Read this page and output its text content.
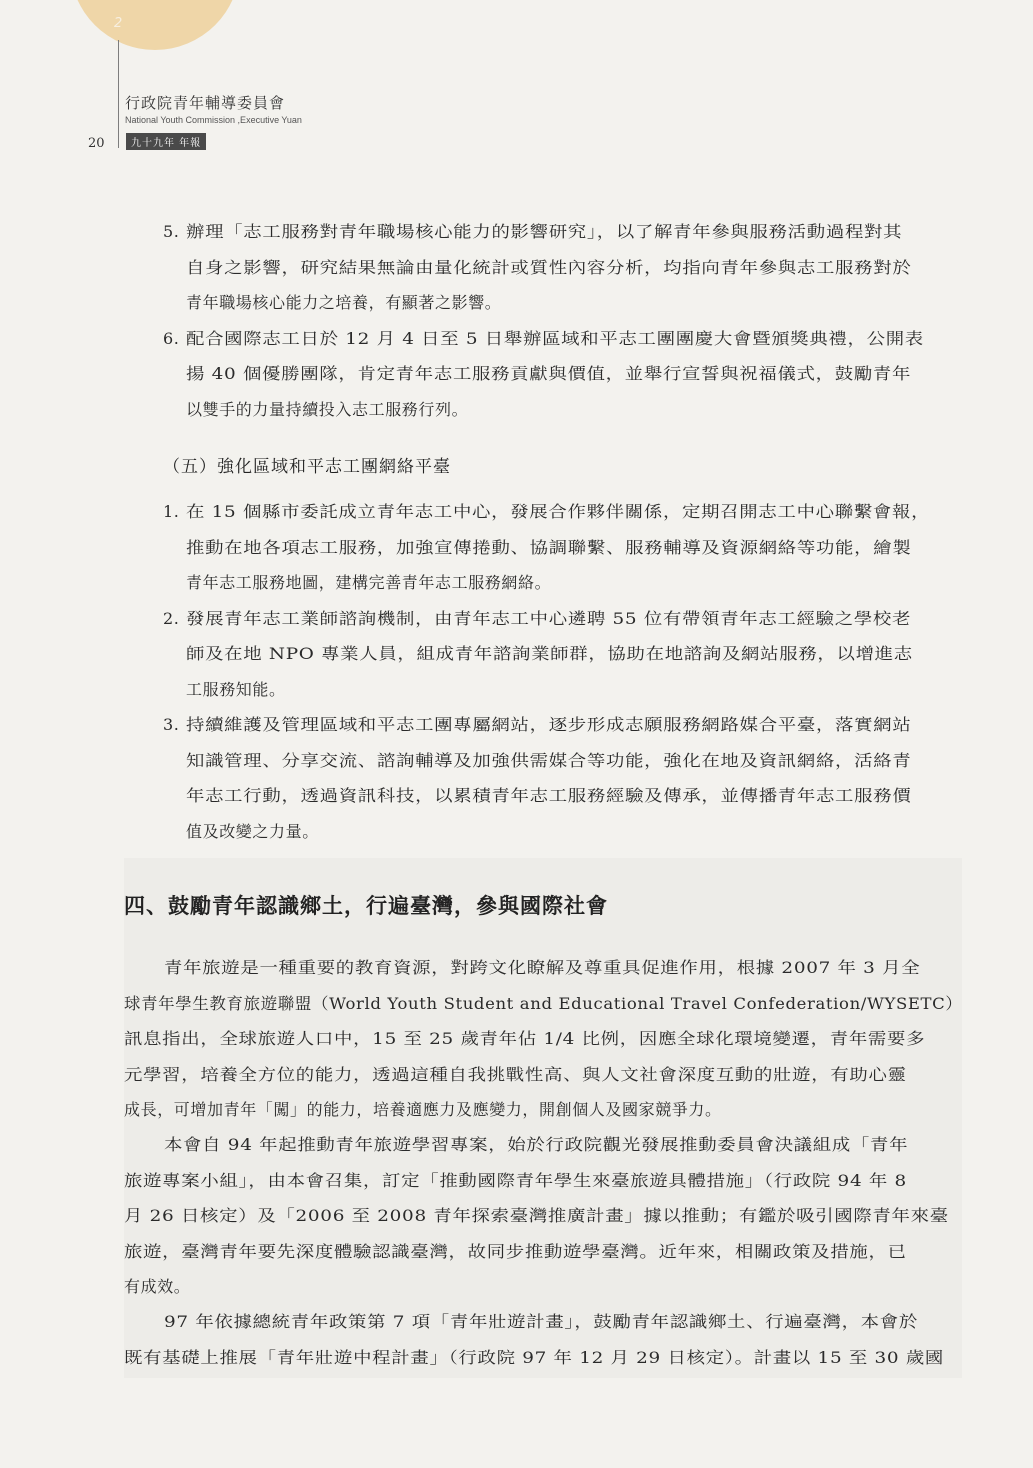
2
行政院青年輔導委員會
National Youth Commission ,Executive Yuan
九十九年 年報
20
（五）強化區域和平志工團網絡平臺
四、鼓勵青年認識鄉土，行遍臺灣，參與國際社會
5. 辦理「志工服務對青年職場核心能力的影響研究」，以了解青年參與服務活動過程對其
自身之影響，研究結果無論由量化統計或質性內容分析，均指向青年參與志工服務對於
青年職場核心能力之培養，有顯著之影響。
6. 配合國際志工日於 12 月 4 日至 5 日舉辦區域和平志工團團慶大會暨頒獎典禮，公開表
揚 40 個優勝團隊，肯定青年志工服務貢獻與價值，並舉行宣誓與祝福儀式，鼓勵青年
以雙手的力量持續投入志工服務行列。
1. 在 15 個縣市委託成立青年志工中心，發展合作夥伴關係，定期召開志工中心聯繫會報，
推動在地各項志工服務，加強宣傳捲動、協調聯繫、服務輔導及資源網絡等功能，繪製
青年志工服務地圖，建構完善青年志工服務網絡。
2. 發展青年志工業師諮詢機制，由青年志工中心遴聘 55 位有帶領青年志工經驗之學校老
師及在地 NPO 專業人員，組成青年諮詢業師群，協助在地諮詢及網站服務，以增進志
工服務知能。
3. 持續維護及管理區域和平志工團專屬網站，逐步形成志願服務網路媒合平臺，落實網站
知識管理、分享交流、諮詢輔導及加強供需媒合等功能，強化在地及資訊網絡，活絡青
年志工行動，透過資訊科技，以累積青年志工服務經驗及傳承，並傳播青年志工服務價
值及改變之力量。
青年旅遊是一種重要的教育資源，對跨文化瞭解及尊重具促進作用，根據 2007 年 3 月全
球青年學生教育旅遊聯盟（World Youth Student and Educational Travel Confederation/WYSETC）
訊息指出，全球旅遊人口中，15 至 25 歲青年佔 1/4 比例，因應全球化環境變遷，青年需要多
元學習，培養全方位的能力，透過這種自我挑戰性高、與人文社會深度互動的壯遊，有助心靈
成長，可增加青年「闖」的能力，培養適應力及應變力，開創個人及國家競爭力。
本會自 94 年起推動青年旅遊學習專案，始於行政院觀光發展推動委員會決議組成「青年
旅遊專案小組」，由本會召集，訂定「推動國際青年學生來臺旅遊具體措施」（行政院 94 年 8
月 26 日核定）及「2006 至 2008 青年探索臺灣推廣計畫」據以推動；有鑑於吸引國際青年來臺
旅遊，臺灣青年要先深度體驗認識臺灣，故同步推動遊學臺灣。近年來，相關政策及措施，已
有成效。
97 年依據總統青年政策第 7 項「青年壯遊計畫」，鼓勵青年認識鄉土、行遍臺灣，本會於
既有基礎上推展「青年壯遊中程計畫」（行政院 97 年 12 月 29 日核定）。計畫以 15 至 30 歲國
